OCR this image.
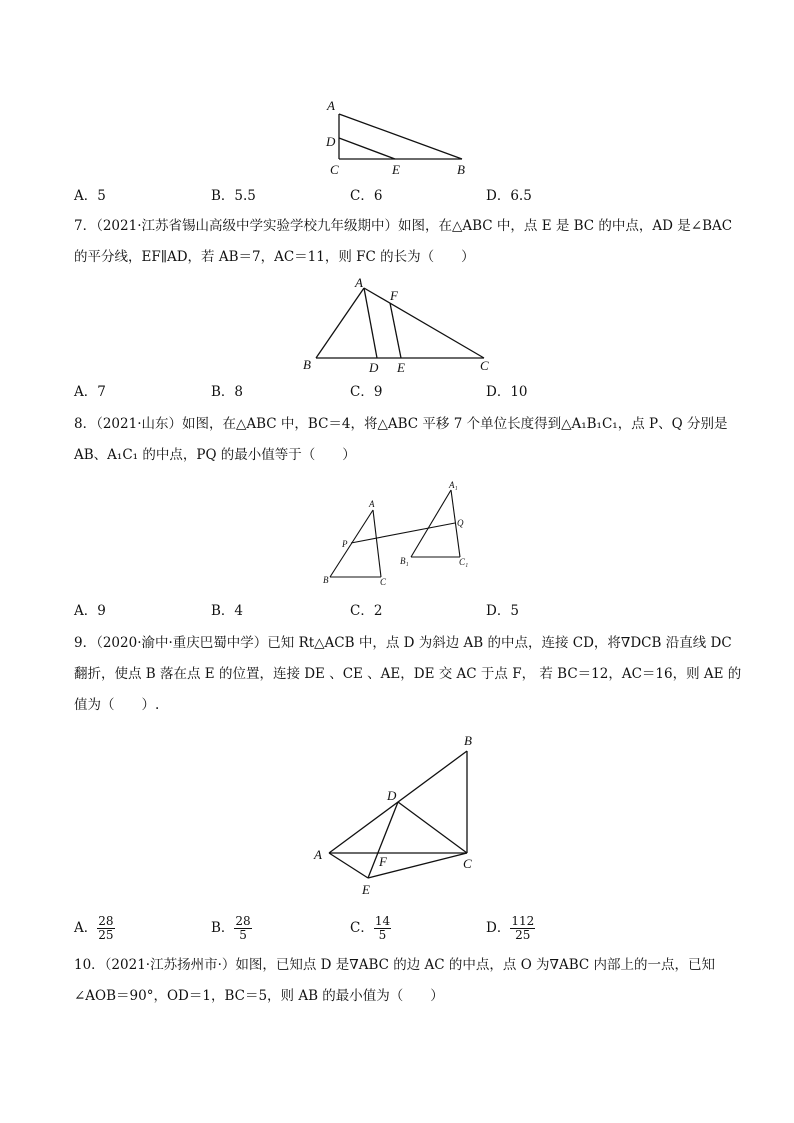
A
D
C	E	B
A．5	B．5.5	C．6	D．6.5
7．（2021·江苏省锡山高级中学实验学校九年级期中）如图，在△ABC 中，点 E 是 BC 的中点，AD 是∠BAC
的平分线，EF∥AD，若 AB＝7，AC＝11，则 FC 的长为（　　）
A
F
B	D E	C
A．7	B．8	C．9	D．10
8．（2021·山东）如图，在△ABC 中，BC＝4，将△ABC 平移 7 个单位长度得到△A₁B₁C₁，点 P、Q 分别是
AB、A₁C₁ 的中点，PQ 的最小值等于（　　）
A
P
B	C
A₁
Q
B₁	C₁
A．9	B．4	C．2	D．5
9．（2020·渝中·重庆巴蜀中学）已知 Rt△ACB 中，点 D 为斜边 AB 的中点，连接 CD，将∇DCB 沿直线 DC
翻折，使点 B 落在点 E 的位置，连接 DE 、CE 、AE，DE 交 AC 于点 F， 若 BC＝12，AC＝16，则 AE 的
值为（　　）.
B
D
A	F	C
E
A． $\frac{28}{25}$	B． $\frac{28}{5}$	C． $\frac{14}{5}$	D． $\frac{112}{25}$
10．（2021·江苏扬州市·）如图，已知点 D 是∇ABC 的边 AC 的中点，点 O 为∇ABC 内部上的一点，已知
∠AOB＝90°，OD＝1，BC＝5，则 AB 的最小值为（　　）
